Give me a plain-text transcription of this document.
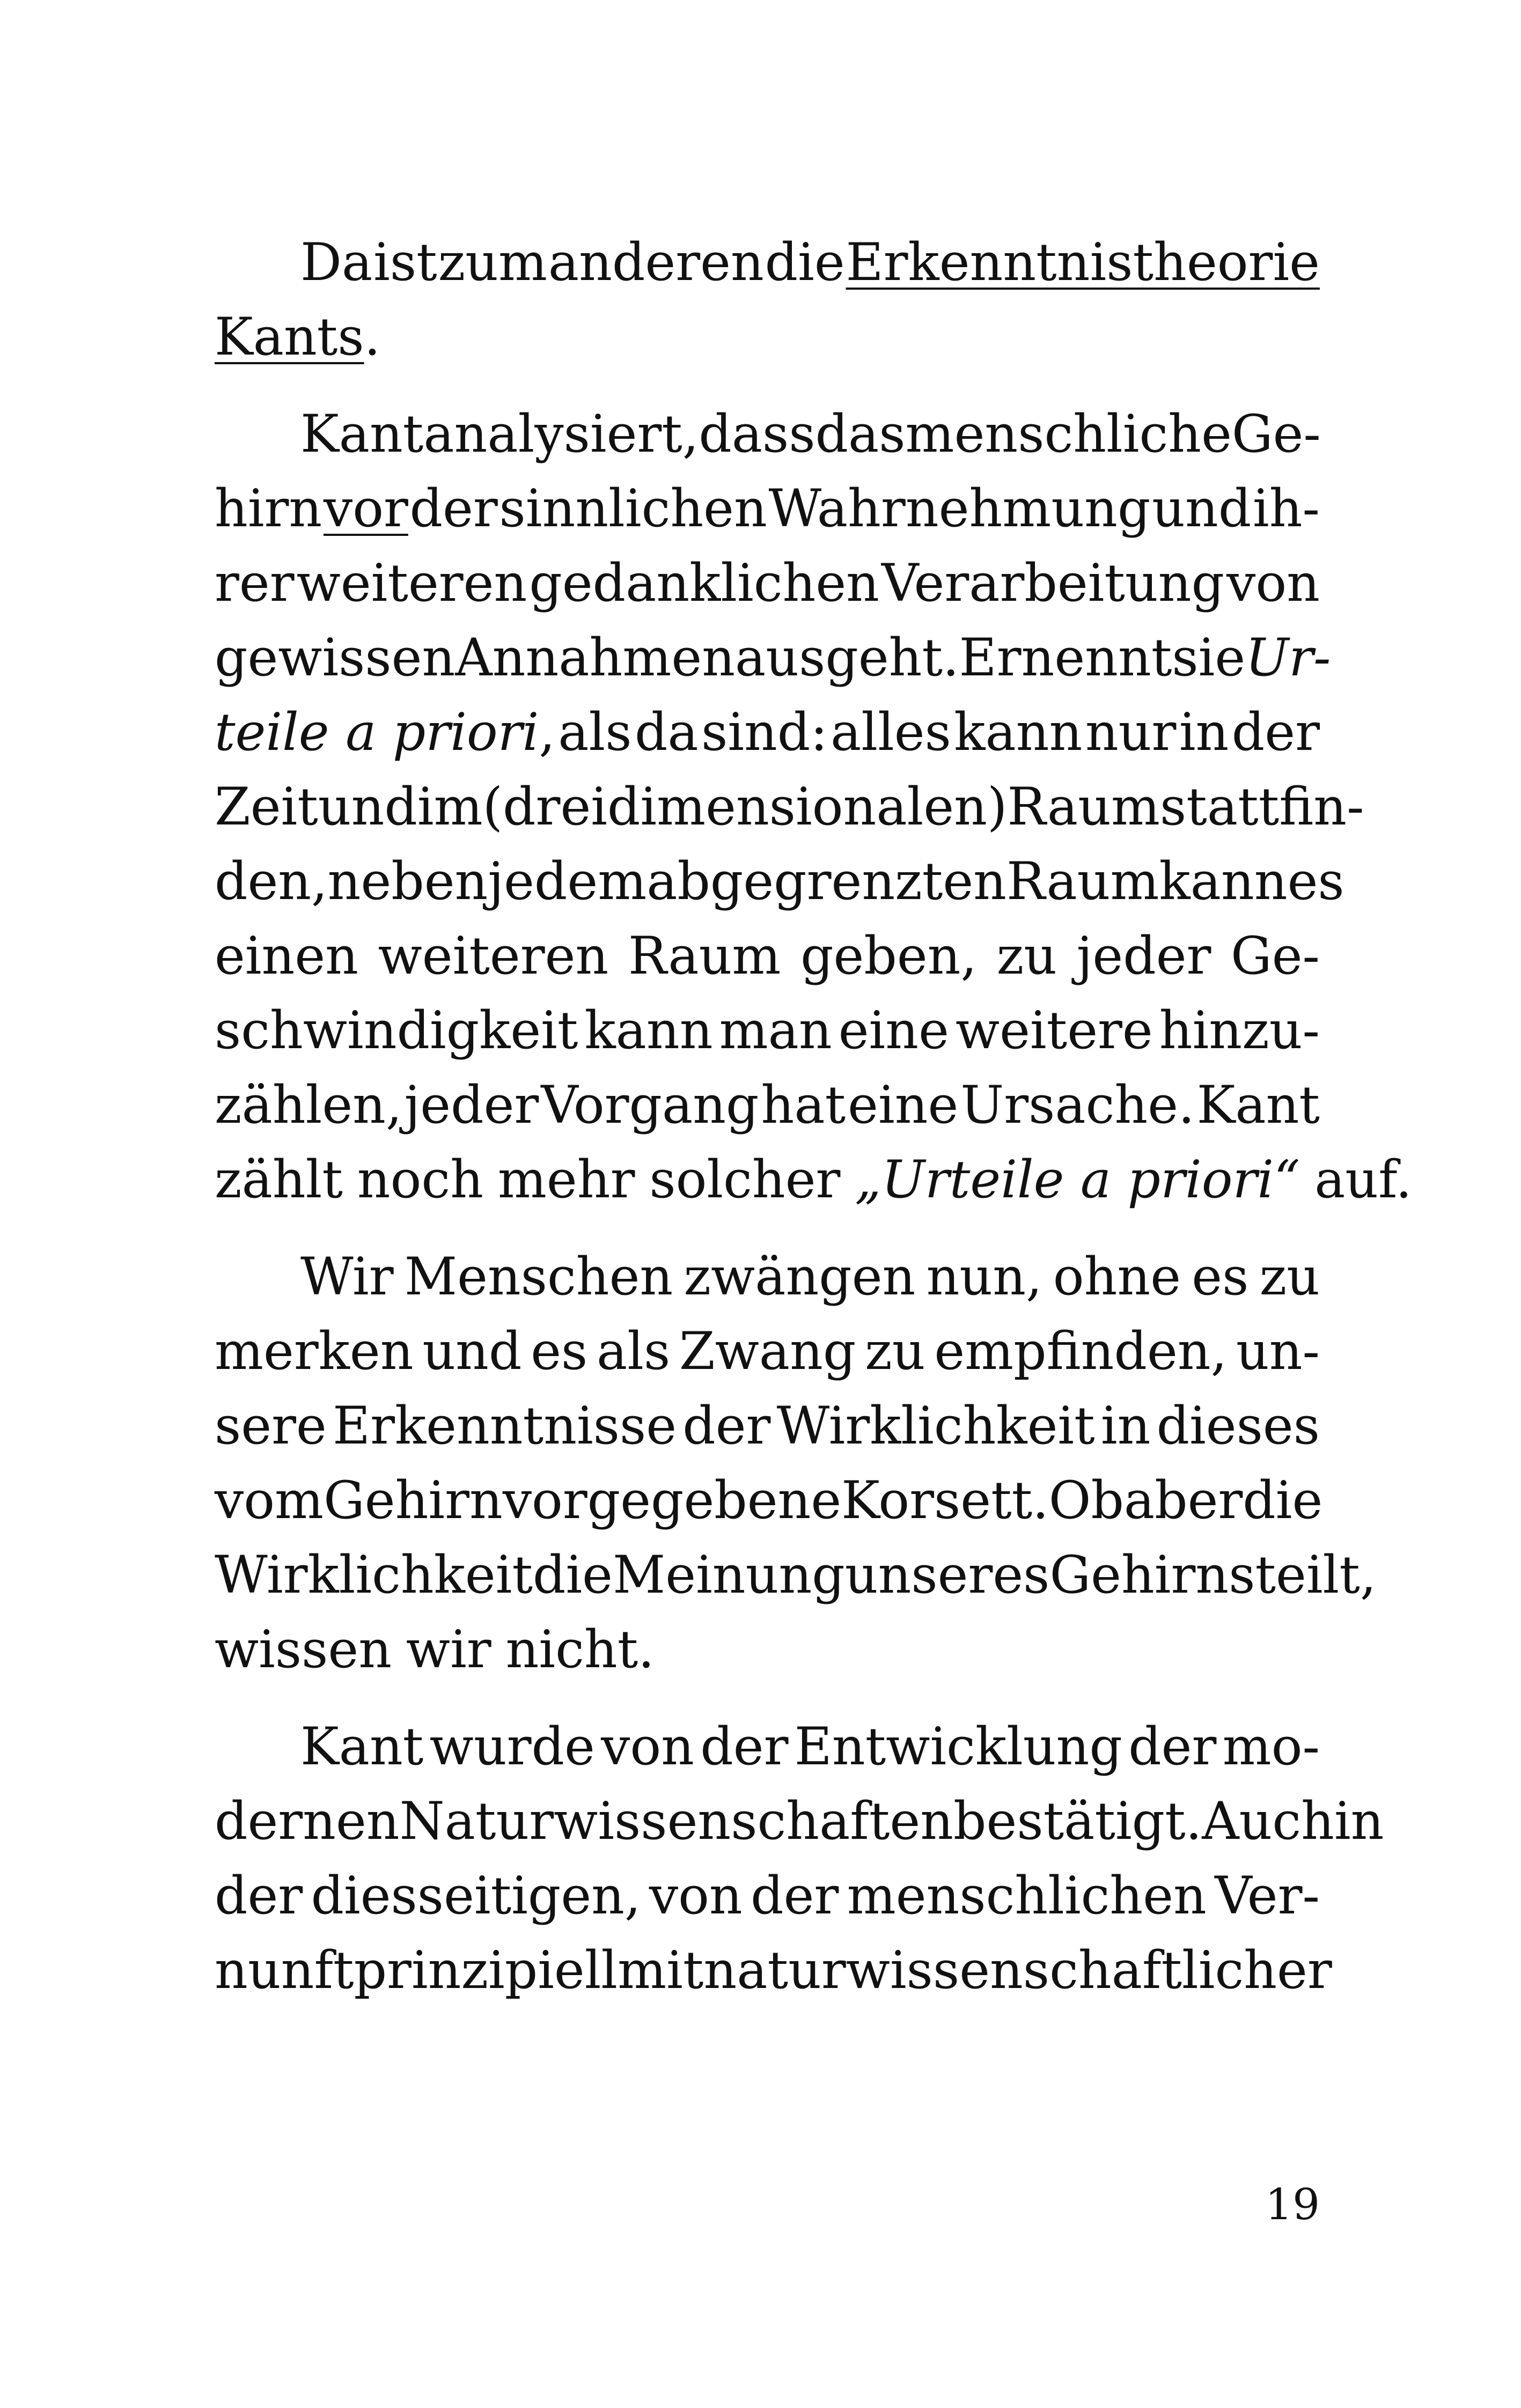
Da ist zum anderen die Erkenntnistheorie
Kants.
Kant analysiert, dass das menschliche Ge-
hirn vor der sinnlichen Wahrnehmung und ih-
rer weiteren gedanklichen Verarbeitung von
gewissen Annahmen ausgeht. Er nennt sie Ur-
teile a priori, als da sind: alles kann nur in der
Zeit und im (dreidimensionalen) Raum stattfin-
den, neben jedem abgegrenzten Raum kann es
einen weiteren Raum geben, zu jeder Ge-
schwindigkeit kann man eine weitere hinzu-
zählen, jeder Vorgang hat eine Ursache. Kant
zählt noch mehr solcher „Urteile a priori“ auf.
Wir Menschen zwängen nun, ohne es zu
merken und es als Zwang zu empfinden, un-
sere Erkenntnisse der Wirklichkeit in dieses
vom Gehirn vorgegebene Korsett. Ob aber die
Wirklichkeit die Meinung unseres Gehirns teilt,
wissen wir nicht.
Kant wurde von der Entwicklung der mo-
dernen Naturwissenschaften bestätigt. Auch in
der diesseitigen, von der menschlichen Ver-
nunft prinzipiell mit naturwissenschaftlicher
19
